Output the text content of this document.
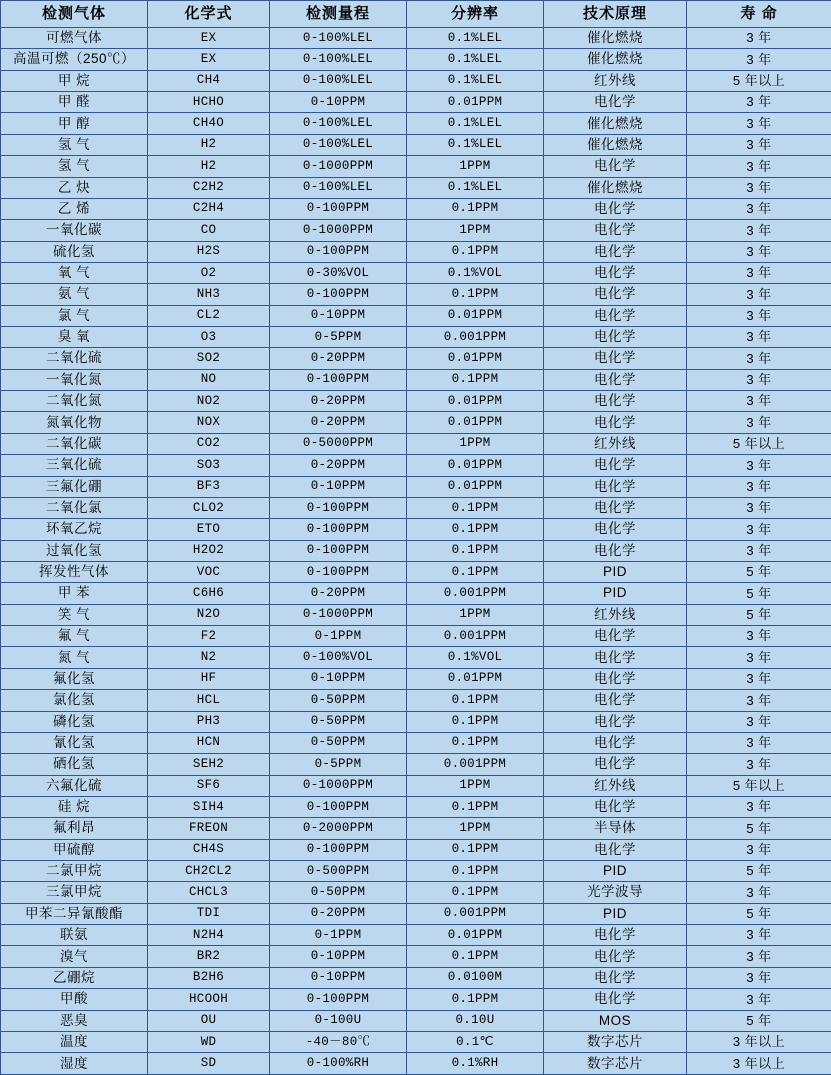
检测气体	化学式	检测量程	分辨率	技术原理	寿 命
可燃气体	EX	0-100%LEL	0.1%LEL	催化燃烧	3 年
高温可燃（250℃）	EX	0-100%LEL	0.1%LEL	催化燃烧	3 年
甲 烷	CH4	0-100%LEL	0.1%LEL	红外线	5 年以上
甲 醛	HCHO	0-10PPM	0.01PPM	电化学	3 年
甲 醇	CH4O	0-100%LEL	0.1%LEL	催化燃烧	3 年
氢 气	H2	0-100%LEL	0.1%LEL	催化燃烧	3 年
氢 气	H2	0-1000PPM	1PPM	电化学	3 年
乙 炔	C2H2	0-100%LEL	0.1%LEL	催化燃烧	3 年
乙 烯	C2H4	0-100PPM	0.1PPM	电化学	3 年
一氧化碳	CO	0-1000PPM	1PPM	电化学	3 年
硫化氢	H2S	0-100PPM	0.1PPM	电化学	3 年
氧 气	O2	0-30%VOL	0.1%VOL	电化学	3 年
氨 气	NH3	0-100PPM	0.1PPM	电化学	3 年
氯 气	CL2	0-10PPM	0.01PPM	电化学	3 年
臭 氧	O3	0-5PPM	0.001PPM	电化学	3 年
二氧化硫	SO2	0-20PPM	0.01PPM	电化学	3 年
一氧化氮	NO	0-100PPM	0.1PPM	电化学	3 年
二氧化氮	NO2	0-20PPM	0.01PPM	电化学	3 年
氮氧化物	NOX	0-20PPM	0.01PPM	电化学	3 年
二氧化碳	CO2	0-5000PPM	1PPM	红外线	5 年以上
三氧化硫	SO3	0-20PPM	0.01PPM	电化学	3 年
三氟化硼	BF3	0-10PPM	0.01PPM	电化学	3 年
二氧化氯	CLO2	0-100PPM	0.1PPM	电化学	3 年
环氧乙烷	ETO	0-100PPM	0.1PPM	电化学	3 年
过氧化氢	H2O2	0-100PPM	0.1PPM	电化学	3 年
挥发性气体	VOC	0-100PPM	0.1PPM	PID	5 年
甲 苯	C6H6	0-20PPM	0.001PPM	PID	5 年
笑 气	N2O	0-1000PPM	1PPM	红外线	5 年
氟 气	F2	0-1PPM	0.001PPM	电化学	3 年
氮 气	N2	0-100%VOL	0.1%VOL	电化学	3 年
氟化氢	HF	0-10PPM	0.01PPM	电化学	3 年
氯化氢	HCL	0-50PPM	0.1PPM	电化学	3 年
磷化氢	PH3	0-50PPM	0.1PPM	电化学	3 年
氰化氢	HCN	0-50PPM	0.1PPM	电化学	3 年
硒化氢	SEH2	0-5PPM	0.001PPM	电化学	3 年
六氟化硫	SF6	0-1000PPM	1PPM	红外线	5 年以上
硅 烷	SIH4	0-100PPM	0.1PPM	电化学	3 年
氟利昂	FREON	0-2000PPM	1PPM	半导体	5 年
甲硫醇	CH4S	0-100PPM	0.1PPM	电化学	3 年
二氯甲烷	CH2CL2	0-500PPM	0.1PPM	PID	5 年
三氯甲烷	CHCL3	0-50PPM	0.1PPM	光学波导	3 年
甲苯二异氰酸酯	TDI	0-20PPM	0.001PPM	PID	5 年
联氨	N2H4	0-1PPM	0.01PPM	电化学	3 年
溴气	BR2	0-10PPM	0.1PPM	电化学	3 年
乙硼烷	B2H6	0-10PPM	0.0100M	电化学	3 年
甲酸	HCOOH	0-100PPM	0.1PPM	电化学	3 年
恶臭	OU	0-100U	0.10U	MOS	5 年
温度	WD	-40－80℃	0.1℃	数字芯片	3 年以上
湿度	SD	0-100%RH	0.1%RH	数字芯片	3 年以上
